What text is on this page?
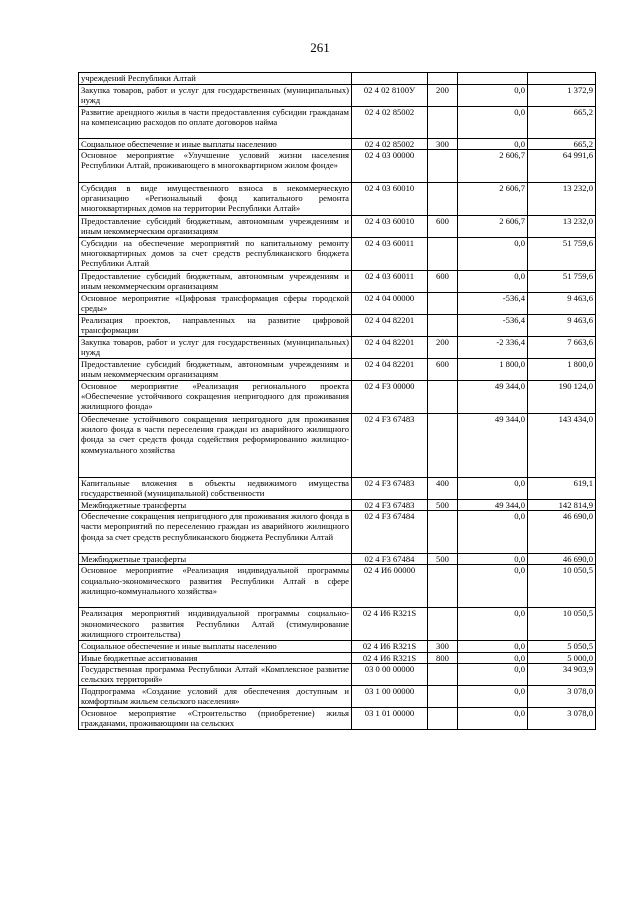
261
учреждений Республики Алтай				
Закупка товаров, работ и услуг для государственных (муниципальных) нужд	02 4 02 8100У	200	0,0	1 372,9
Развитие арендного жилья в части предоставления субсидии гражданам на компенсацию расходов по оплате договоров найма	02 4 02 85002		0,0	665,2
Социальное обеспечение и иные выплаты населению	02 4 02 85002	300	0,0	665,2
Основное мероприятие «Улучшение условий жизни населения Республики Алтай, проживающего в многоквартирном жилом фонде»	02 4 03 00000		2 606,7	64 991,6
Субсидия в виде имущественного взноса в некоммерческую организацию «Региональный фонд капитального ремонта многоквартирных домов на территории Республики Алтай»	02 4 03 60010		2 606,7	13 232,0
Предоставление субсидий бюджетным, автономным учреждениям и иным некоммерческим организациям	02 4 03 60010	600	2 606,7	13 232,0
Субсидии на обеспечение мероприятий по капитальному ремонту многоквартирных домов за счет средств республиканского бюджета Республики Алтай	02 4 03 60011		0,0	51 759,6
Предоставление субсидий бюджетным, автономным учреждениям и иным некоммерческим организациям	02 4 03 60011	600	0,0	51 759,6
Основное мероприятие «Цифровая трансформация сферы городской среды»	02 4 04 00000		-536,4	9 463,6
Реализация проектов, направленных на развитие цифровой трансформации	02 4 04 82201		-536,4	9 463,6
Закупка товаров, работ и услуг для государственных (муниципальных) нужд	02 4 04 82201	200	-2 336,4	7 663,6
Предоставление субсидий бюджетным, автономным учреждениям и иным некоммерческим организациям	02 4 04 82201	600	1 800,0	1 800,0
Основное мероприятие «Реализация регионального проекта «Обеспечение устойчивого сокращения непригодного для проживания жилищного фонда»	02 4 F3 00000		49 344,0	190 124,0
Обеспечение устойчивого сокращения непригодного для проживания жилого фонда в части переселения граждан из аварийного жилищного фонда за счет средств фонда содействия реформированию жилищно-коммунального хозяйства	02 4 F3 67483		49 344,0	143 434,0
Капитальные вложения в объекты недвижимого имущества государственной (муниципальной) собственности	02 4 F3 67483	400	0,0	619,1
Межбюджетные трансферты	02 4 F3 67483	500	49 344,0	142 814,9
Обеспечение сокращения непригодного для проживания жилого фонда в части мероприятий по переселению граждан из аварийного жилищного фонда за счет средств республиканского бюджета Республики Алтай	02 4 F3 67484		0,0	46 690,0
Межбюджетные трансферты	02 4 F3 67484	500	0,0	46 690,0
Основное мероприятие «Реализация индивидуальной программы социально-экономического развития Республики Алтай в сфере жилищно-коммунального хозяйства»	02 4 И6 00000		0,0	10 050,5
Реализация мероприятий индивидуальной программы социально-экономического развития Республики Алтай (стимулирование жилищного строительства)	02 4 И6 R321S		0,0	10 050,5
Социальное обеспечение и иные выплаты населению	02 4 И6 R321S	300	0,0	5 050,5
Иные бюджетные ассигнования	02 4 И6 R321S	800	0,0	5 000,0
Государственная программа Республики Алтай «Комплексное развитие сельских территорий»	03 0 00 00000		0,0	34 903,9
Подпрограмма «Создание условий для обеспечения доступным и комфортным жильем сельского населения»	03 1 00 00000		0,0	3 078,0
Основное мероприятие «Строительство (приобретение) жилья гражданами, проживающими на сельских	03 1 01 00000		0,0	3 078,0
